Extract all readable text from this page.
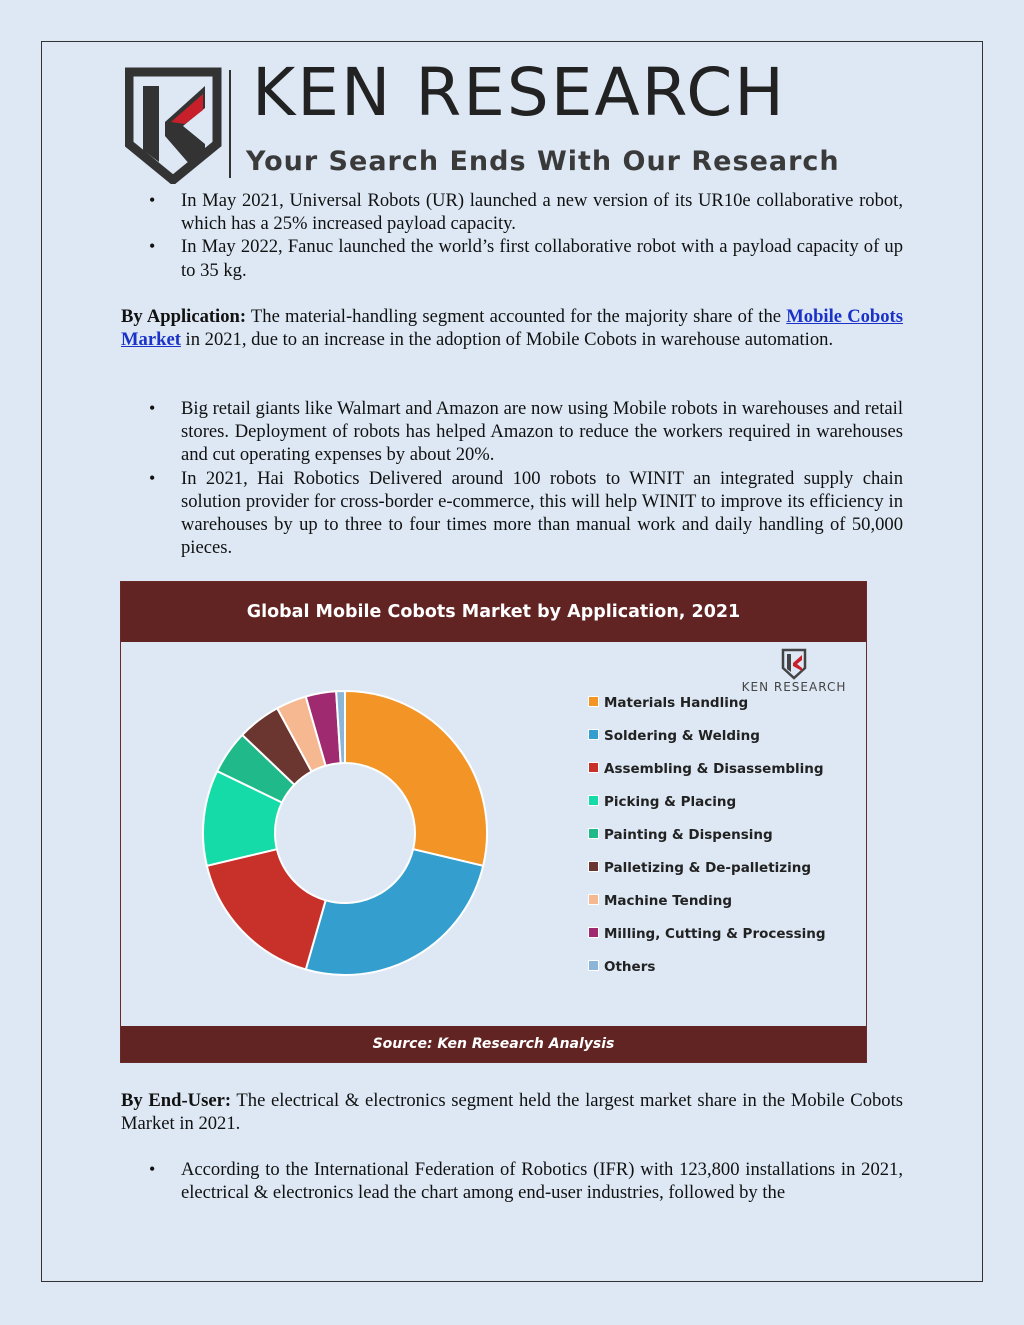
KEN RESEARCH
Your Search Ends With Our Research
• In May 2021, Universal Robots (UR) launched a new version of its UR10e collaborative robot, which has a 25% increased payload capacity.
• In May 2022, Fanuc launched the world’s first collaborative robot with a payload capacity of up to 35 kg.

By Application: The material-handling segment accounted for the majority share of the Mobile Cobots Market in 2021, due to an increase in the adoption of Mobile Cobots in warehouse automation.

• Big retail giants like Walmart and Amazon are now using Mobile robots in warehouses and retail stores. Deployment of robots has helped Amazon to reduce the workers required in warehouses and cut operating expenses by about 20%.
• In 2021, Hai Robotics Delivered around 100 robots to WINIT an integrated supply chain solution provider for cross-border e-commerce, this will help WINIT to improve its efficiency in warehouses by up to three to four times more than manual work and daily handling of 50,000 pieces.
Global Mobile Cobots Market by Application, 2021
KEN RESEARCH
Materials Handling
Soldering & Welding
Assembling & Disassembling
Picking & Placing
Painting & Dispensing
Palletizing & De-palletizing
Machine Tending
Milling, Cutting & Processing
Others
Source: Ken Research Analysis

By End-User: The electrical & electronics segment held the largest market share in the Mobile Cobots Market in 2021.

• According to the International Federation of Robotics (IFR) with 123,800 installations in 2021, electrical & electronics lead the chart among end-user industries, followed by the
